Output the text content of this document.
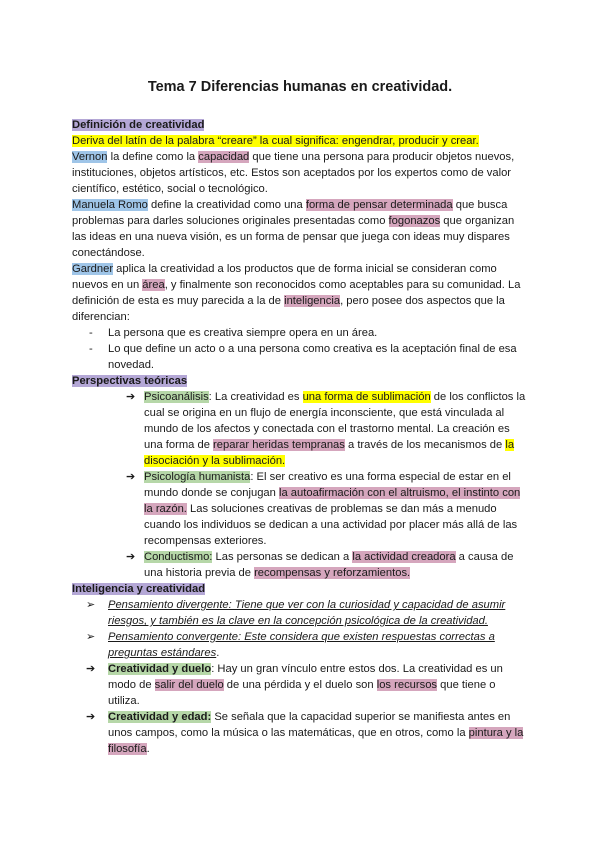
Tema 7 Diferencias humanas en creatividad.

Definición de creatividad

Deriva del latín de la palabra “creare” la cual significa: engendrar, producir y crear.

Vernon la define como la capacidad que tiene una persona para producir objetos nuevos, instituciones, objetos artísticos, etc. Estos son aceptados por los expertos como de valor científico, estético, social o tecnológico.

Manuela Romo define la creatividad como una forma de pensar determinada que busca problemas para darles soluciones originales presentadas como fogonazos que organizan las ideas en una nueva visión, es un forma de pensar que juega con ideas muy dispares conectándose.

Gardner aplica la creatividad a los productos que de forma inicial se consideran como nuevos en un área, y finalmente son reconocidos como aceptables para su comunidad. La definición de esta es muy parecida a la de inteligencia, pero posee dos aspectos que la diferencian:

- La persona que es creativa siempre opera en un área.

- Lo que define un acto o a una persona como creativa es la aceptación final de esa novedad.

Perspectivas teóricas

➔ Psicoanálisis: La creatividad es una forma de sublimación de los conflictos la cual se origina en un flujo de energía inconsciente, que está vinculada al mundo de los afectos y conectada con el trastorno mental. La creación es una forma de reparar heridas tempranas a través de los mecanismos de la disociación y la sublimación.

➔ Psicología humanista: El ser creativo es una forma especial de estar en el mundo donde se conjugan la autoafirmación con el altruismo, el instinto con la razón. Las soluciones creativas de problemas se dan más a menudo cuando los individuos se dedican a una actividad por placer más allá de las recompensas exteriores.

➔ Conductismo: Las personas se dedican a la actividad creadora a causa de una historia previa de recompensas y reforzamientos.

Inteligencia y creatividad

➢ Pensamiento divergente: Tiene que ver con la curiosidad y capacidad de asumir riesgos, y también es la clave en la concepción psicológica de la creatividad.

➢ Pensamiento convergente: Este considera que existen respuestas correctas a preguntas estándares.

➔ Creatividad y duelo: Hay un gran vínculo entre estos dos. La creatividad es un modo de salir del duelo de una pérdida y el duelo son los recursos que tiene o utiliza.

➔ Creatividad y edad: Se señala que la capacidad superior se manifiesta antes en unos campos, como la música o las matemáticas, que en otros, como la pintura y la filosofía.
